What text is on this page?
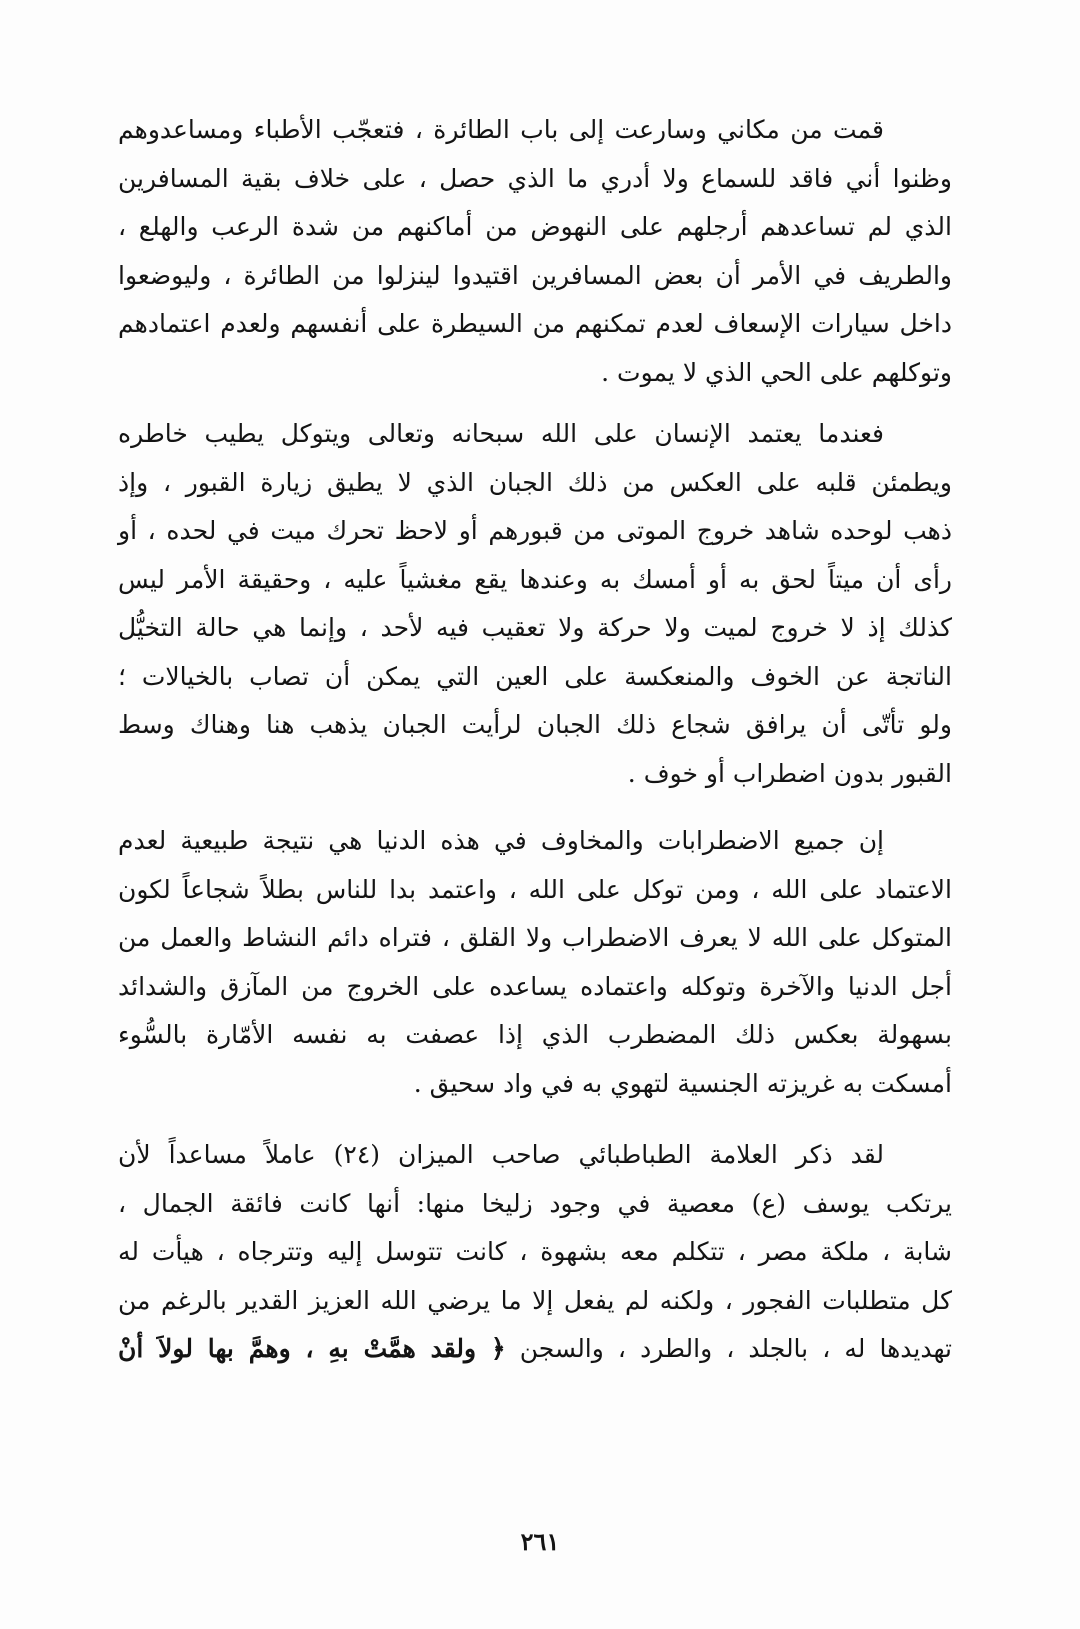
قمت من مكاني وسارعت إلى باب الطائرة ، فتعجّب الأطباء ومساعدوهم
وظنوا أني فاقد للسماع ولا أدري ما الذي حصل ، على خلاف بقية المسافرين
الذي لم تساعدهم أرجلهم على النهوض من أماكنهم من شدة الرعب والهلع ،
والطريف في الأمر أن بعض المسافرين اقتيدوا لينزلوا من الطائرة ، وليوضعوا
داخل سيارات الإسعاف لعدم تمكنهم من السيطرة على أنفسهم ولعدم اعتمادهم
وتوكلهم على الحي الذي لا يموت .

فعندما يعتمد الإنسان على الله سبحانه وتعالى ويتوكل يطيب خاطره
ويطمئن قلبه على العكس من ذلك الجبان الذي لا يطيق زيارة القبور ، وإذ
ذهب لوحده شاهد خروج الموتى من قبورهم أو لاحظ تحرك ميت في لحده ، أو
رأى أن ميتاً لحق به أو أمسك به وعندها يقع مغشياً عليه ، وحقيقة الأمر ليس
كذلك إذ لا خروج لميت ولا حركة ولا تعقيب فيه لأحد ، وإنما هي حالة التخيُّل
الناتجة عن الخوف والمنعكسة على العين التي يمكن أن تصاب بالخيالات ؛
ولو تأتّى أن يرافق شجاع ذلك الجبان لرأيت الجبان يذهب هنا وهناك وسط
القبور بدون اضطراب أو خوف .

إن جميع الاضطرابات والمخاوف في هذه الدنيا هي نتيجة طبيعية لعدم
الاعتماد على الله ، ومن توكل على الله ، واعتمد بدا للناس بطلاً شجاعاً لكون
المتوكل على الله لا يعرف الاضطراب ولا القلق ، فتراه دائم النشاط والعمل من
أجل الدنيا والآخرة وتوكله واعتماده يساعده على الخروج من المآزق والشدائد
بسهولة بعكس ذلك المضطرب الذي إذا عصفت به نفسه الأمّارة بالسُّوء
أمسكت به غريزته الجنسية لتهوي به في واد سحيق .

لقد ذكر العلامة الطباطبائي صاحب الميزان (٢٤) عاملاً مساعداً لأن
يرتكب يوسف (ع) معصية في وجود زليخا منها: أنها كانت فائقة الجمال ،
شابة ، ملكة مصر ، تتكلم معه بشهوة ، كانت تتوسل إليه وتترجاه ، هيأت له
كل متطلبات الفجور ، ولكنه لم يفعل إلا ما يرضي الله العزيز القدير بالرغم من
تهديدها له ، بالجلد ، والطرد ، والسجن ﴿ ولقد همَّتْ بهِ ، وهمَّ بها لولاَ أنْ

٢٦١
